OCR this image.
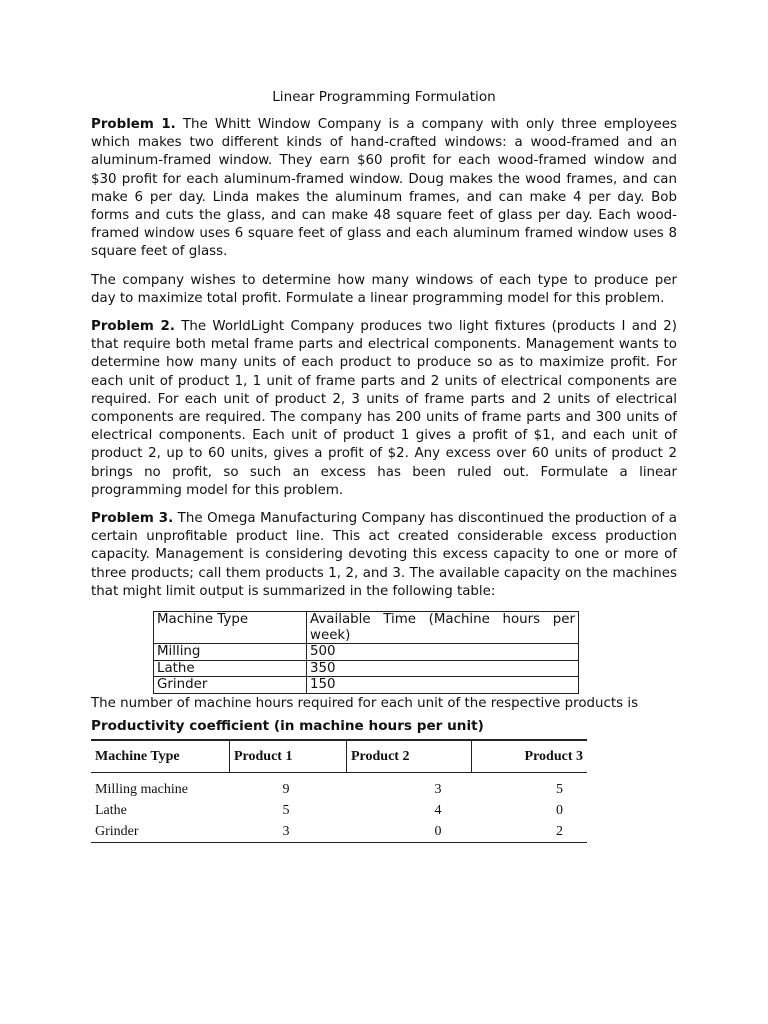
Linear Programming Formulation

Problem 1. The Whitt Window Company is a company with only three employees which makes two different kinds of hand-crafted windows: a wood-framed and an aluminum-framed window. They earn $60 profit for each wood-framed window and $30 profit for each aluminum-framed window. Doug makes the wood frames, and can make 6 per day. Linda makes the aluminum frames, and can make 4 per day. Bob forms and cuts the glass, and can make 48 square feet of glass per day. Each wood-framed window uses 6 square feet of glass and each aluminum framed window uses 8 square feet of glass.

The company wishes to determine how many windows of each type to produce per day to maximize total profit. Formulate a linear programming model for this problem.

Problem 2. The WorldLight Company produces two light fixtures (products I and 2) that require both metal frame parts and electrical components. Management wants to determine how many units of each product to produce so as to maximize profit. For each unit of product 1, 1 unit of frame parts and 2 units of electrical components are required. For each unit of product 2, 3 units of frame parts and 2 units of electrical components are required. The company has 200 units of frame parts and 300 units of electrical components. Each unit of product 1 gives a profit of $1, and each unit of product 2, up to 60 units, gives a profit of $2. Any excess over 60 units of product 2 brings no profit, so such an excess has been ruled out. Formulate a linear programming model for this problem.

Problem 3. The Omega Manufacturing Company has discontinued the production of a certain unprofitable product line. This act created considerable excess production capacity. Management is considering devoting this excess capacity to one or more of three products; call them products 1, 2, and 3. The available capacity on the machines that might limit output is summarized in the following table:

Machine Type	Available Time (Machine hours per week)
Milling	500
Lathe	350
Grinder	150
The number of machine hours required for each unit of the respective products is
Productivity coefficient (in machine hours per unit)
Machine Type	Product 1	Product 2	Product 3
Milling machine	9	3	5
Lathe	5	4	0
Grinder	3	0	2
